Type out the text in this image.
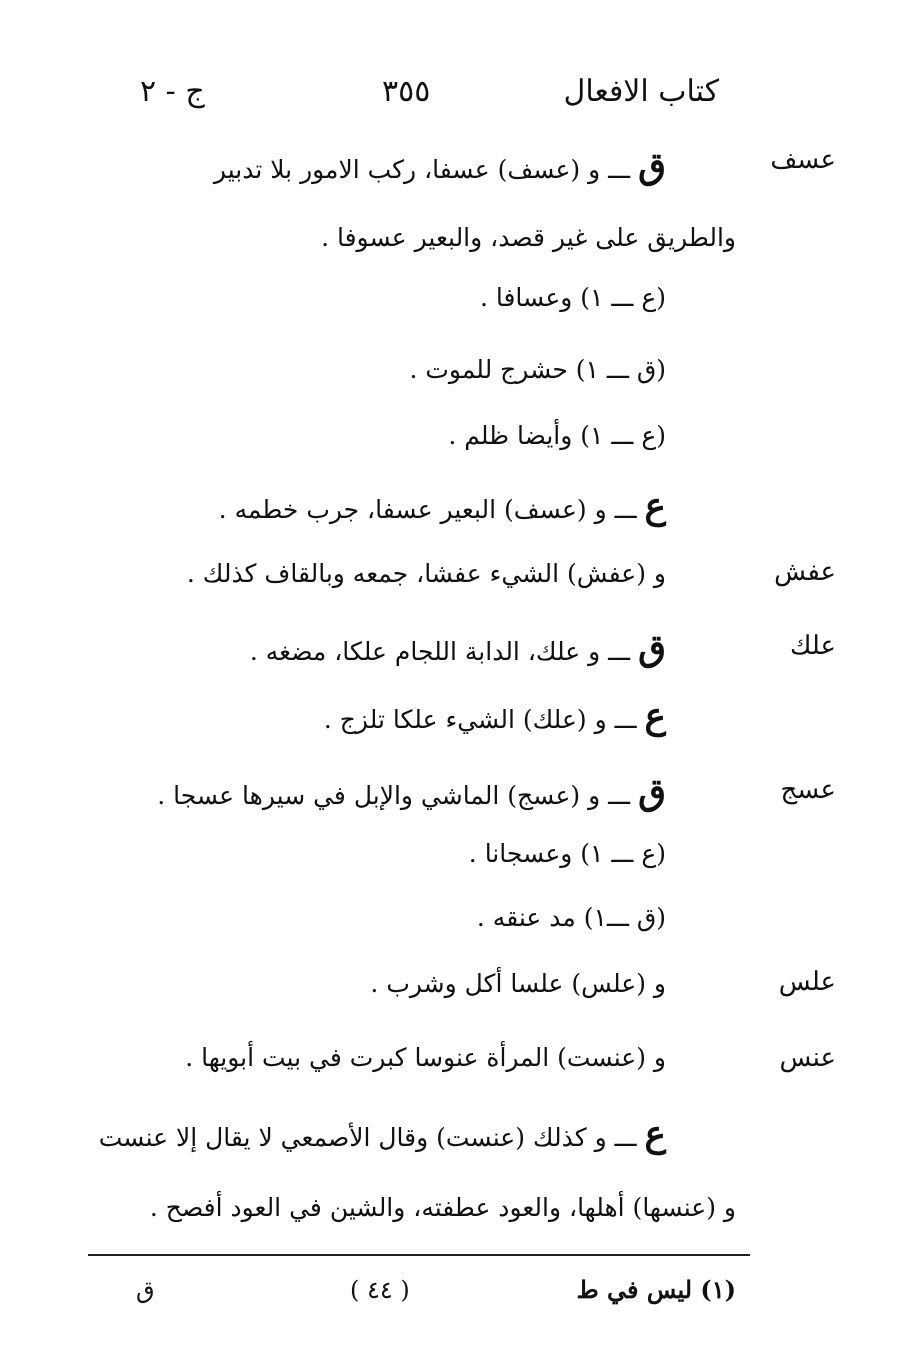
كتاب الافعال
٣٥٥
ج - ٢
عسف
عفش
علك
عسج
علس
عنس
ق ـــ و (عسف) عسفا، ركب الامور بلا تدبير
والطريق على غير قصد، والبعير عسوفا .
(ع ـــ ١) وعسافا .
(ق ـــ ١) حشرج للموت .
(ع ـــ ١) وأيضا ظلم .
ع ـــ و (عسف) البعير عسفا، جرب خطمه .
و (عفش) الشيء عفشا، جمعه وبالقاف كذلك .
ق ـــ و علك، الدابة اللجام علكا، مضغه .
ع ـــ و (علك) الشيء علكا تلزج .
ق ـــ و (عسج) الماشي والإبل في سيرها عسجا .
(ع ـــ ١) وعسجانا .
(ق ـــ١) مد عنقه .
و (علس) علسا أكل وشرب .
و (عنست) المرأة عنوسا كبرت في بيت أبويها .
ع ـــ و كذلك (عنست) وقال الأصمعي لا يقال إلا عنست
و (عنسها) أهلها، والعود عطفته، والشين في العود أفصح .
(١) ليس في ط
( ٤٤ )
ق
